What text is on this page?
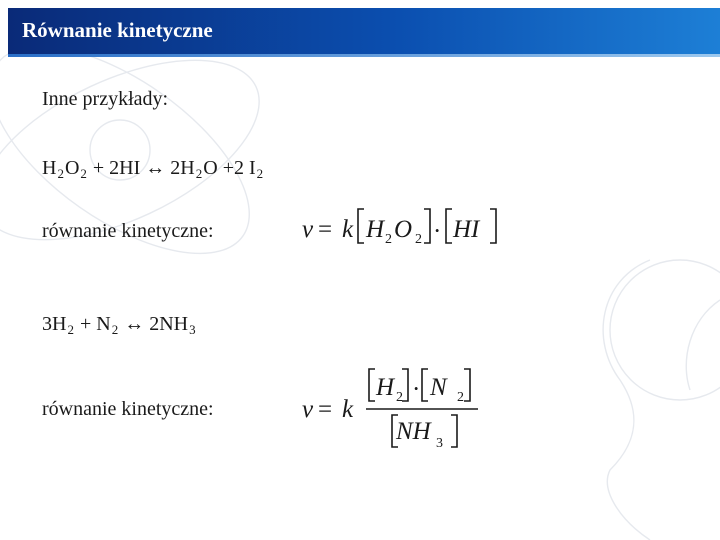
Równanie kinetyczne
Inne przykłady:
$H_2O_2 + 2HI$ ↔ $2H_2O +2$ $I_2$
równanie kinetyczne:	v = k H 2 O 2 · HI
$3H_2 + N_2$ ↔ $2NH_3$
równanie kinetyczne:	v = k
H 2 · N 2
NH 3
